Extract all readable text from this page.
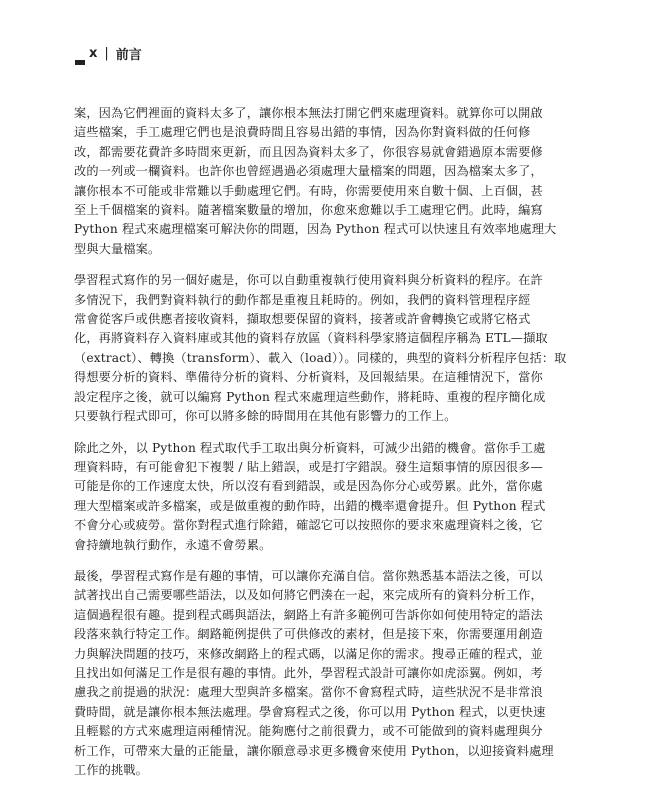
x | 前言
案，因為它們裡面的資料太多了，讓你根本無法打開它們來處理資料。就算你可以開啟
這些檔案，手工處理它們也是浪費時間且容易出錯的事情，因為你對資料做的任何修
改，都需要花費許多時間來更新，而且因為資料太多了，你很容易就會錯過原本需要修
改的一列或一欄資料。也許你也曾經遇過必須處理大量檔案的問題，因為檔案太多了，
讓你根本不可能或非常難以手動處理它們。有時，你需要使用來自數十個、上百個，甚
至上千個檔案的資料。隨著檔案數量的增加，你愈來愈難以手工處理它們。此時，編寫
Python 程式來處理檔案可解決你的問題，因為 Python 程式可以快速且有效率地處理大
型與大量檔案。
學習程式寫作的另一個好處是，你可以自動重複執行使用資料與分析資料的程序。在許
多情況下，我們對資料執行的動作都是重複且耗時的。例如，我們的資料管理程序經
常會從客戶或供應者接收資料，擷取想要保留的資料，接著或許會轉換它或將它格式
化，再將資料存入資料庫或其他的資料存放區（資料科學家將這個程序稱為 ETL—擷取
（extract）、轉換（transform）、載入（load））。同樣的，典型的資料分析程序包括：取
得想要分析的資料、準備待分析的資料、分析資料，及回報結果。在這種情況下，當你
設定程序之後，就可以編寫 Python 程式來處理這些動作，將耗時、重複的程序簡化成
只要執行程式即可，你可以將多餘的時間用在其他有影響力的工作上。
除此之外，以 Python 程式取代手工取出與分析資料，可減少出錯的機會。當你手工處
理資料時，有可能會犯下複製 / 貼上錯誤，或是打字錯誤。發生這類事情的原因很多—
可能是你的工作速度太快，所以沒有看到錯誤，或是因為你分心或勞累。此外，當你處
理大型檔案或許多檔案，或是做重複的動作時，出錯的機率還會提升。但 Python 程式
不會分心或疲勞。當你對程式進行除錯，確認它可以按照你的要求來處理資料之後，它
會持續地執行動作，永遠不會勞累。
最後，學習程式寫作是有趣的事情，可以讓你充滿自信。當你熟悉基本語法之後，可以
試著找出自己需要哪些語法，以及如何將它們湊在一起，來完成所有的資料分析工作，
這個過程很有趣。提到程式碼與語法，網路上有許多範例可告訴你如何使用特定的語法
段落來執行特定工作。網路範例提供了可供修改的素材，但是接下來，你需要運用創造
力與解決問題的技巧，來修改網路上的程式碼，以滿足你的需求。搜尋正確的程式，並
且找出如何滿足工作是很有趣的事情。此外，學習程式設計可讓你如虎添翼。例如，考
慮我之前提過的狀況：處理大型與許多檔案。當你不會寫程式時，這些狀況不是非常浪
費時間，就是讓你根本無法處理。學會寫程式之後，你可以用 Python 程式，以更快速
且輕鬆的方式來處理這兩種情況。能夠應付之前很費力，或不可能做到的資料處理與分
析工作，可帶來大量的正能量，讓你願意尋求更多機會來使用 Python，以迎接資料處理
工作的挑戰。
